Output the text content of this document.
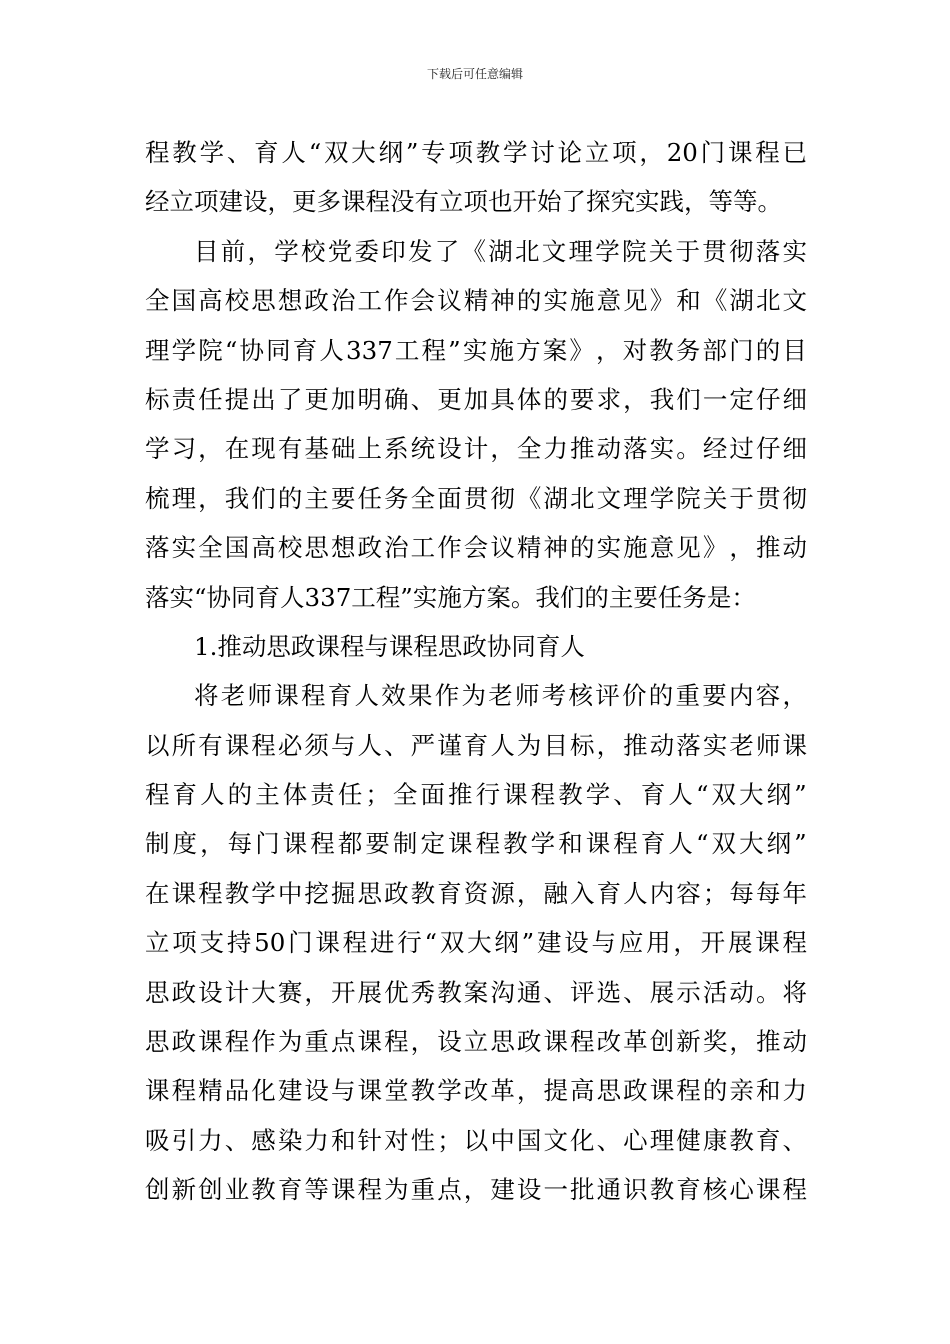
下载后可任意编辑
程 教 学 、 育 人 “ 双 大 纲 ” 专 项 教 学 讨 论 立 项 ， 20 门 课 程 已
经 立 项 建 设 ， 更 多 课 程 没 有 立 项 也 开 始 了 探 究 实 践 ， 等 等 。
目 前 ， 学 校 党 委 印 发 了 《 湖 北 文 理 学 院 关 于 贯 彻 落 实
全 国 高 校 思 想 政 治 工 作 会 议 精 神 的 实 施 意 见 》 和 《 湖 北 文
理 学 院 “ 协 同 育 人 337 工 程 ” 实 施 方 案 》 ， 对 教 务 部 门 的 目
标 责 任 提 出 了 更 加 明 确 、 更 加 具 体 的 要 求 ， 我 们 一 定 仔 细
学 习 ， 在 现 有 基 础 上 系 统 设 计 ， 全 力 推 动 落 实 。 经 过 仔 细
梳 理 ， 我 们 的 主 要 任 务 全 面 贯 彻 《 湖 北 文 理 学 院 关 于 贯 彻
落 实 全 国 高 校 思 想 政 治 工 作 会 议 精 神 的 实 施 意 见 》 ， 推 动
落 实 “ 协 同 育 人 337 工 程 ” 实 施 方 案 。 我 们 的 主 要 任 务 是 ：
1. 推 动 思 政 课 程 与 课 程 思 政 协 同 育 人
将 老 师 课 程 育 人 效 果 作 为 老 师 考 核 评 价 的 重 要 内 容 ，
以 所 有 课 程 必 须 与 人 、 严 谨 育 人 为 目 标 ， 推 动 落 实 老 师 课
程 育 人 的 主 体 责 任 ； 全 面 推 行 课 程 教 学 、 育 人 “ 双 大 纲 ”
制 度 ， 每 门 课 程 都 要 制 定 课 程 教 学 和 课 程 育 人 “ 双 大 纲 ”
在 课 程 教 学 中 挖 掘 思 政 教 育 资 源 ， 融 入 育 人 内 容 ； 每 每 年
立 项 支 持 50 门 课 程 进 行 “ 双 大 纲 ” 建 设 与 应 用 ， 开 展 课 程
思 政 设 计 大 赛 ， 开 展 优 秀 教 案 沟 通 、 评 选 、 展 示 活 动 。 将
思 政 课 程 作 为 重 点 课 程 ， 设 立 思 政 课 程 改 革 创 新 奖 ， 推 动
课 程 精 品 化 建 设 与 课 堂 教 学 改 革 ， 提 高 思 政 课 程 的 亲 和 力
吸 引 力 、 感 染 力 和 针 对 性 ； 以 中 国 文 化 、 心 理 健 康 教 育 、
创 新 创 业 教 育 等 课 程 为 重 点 ， 建 设 一 批 通 识 教 育 核 心 课 程
